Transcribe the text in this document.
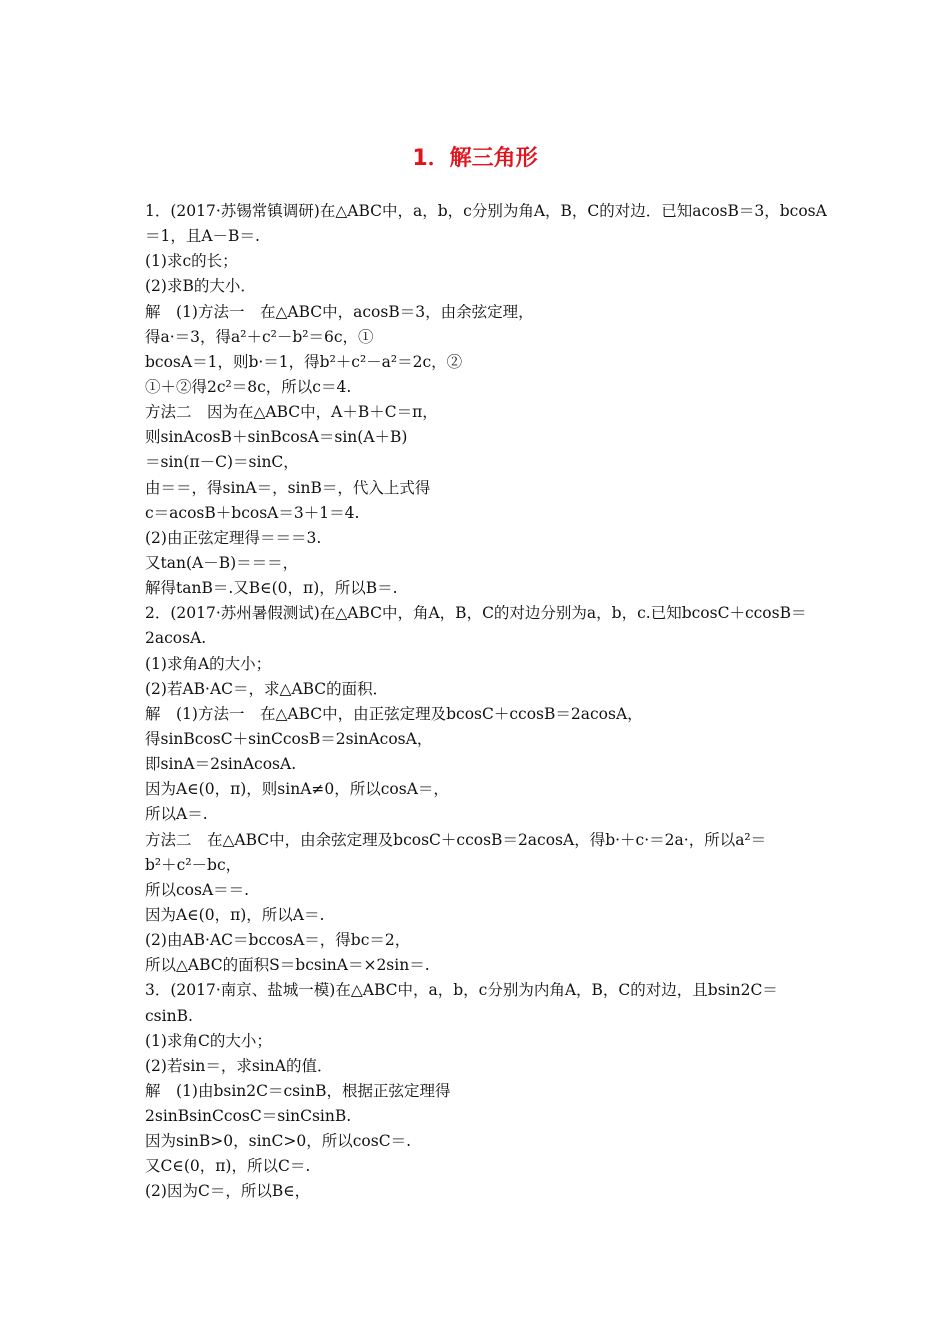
1．解三角形
1．(2017·苏锡常镇调研)在△ABC中，a，b，c分别为角A，B，C的对边．已知acosB＝3，bcosA
＝1，且A－B＝.
(1)求c的长；
(2)求B的大小．
解　(1)方法一　在△ABC中，acosB＝3，由余弦定理，
得a·＝3，得a²＋c²－b²＝6c，①
bcosA＝1，则b·＝1，得b²＋c²－a²＝2c，②
①＋②得2c²＝8c，所以c＝4.
方法二　因为在△ABC中，A＋B＋C＝π，
则sinAcosB＋sinBcosA＝sin(A＋B)
＝sin(π－C)＝sinC，
由＝＝，得sinA＝，sinB＝，代入上式得
c＝acosB＋bcosA＝3＋1＝4.
(2)由正弦定理得＝＝＝3.
又tan(A－B)＝＝＝，
解得tanB＝.又B∈(0，π)，所以B＝.
2．(2017·苏州暑假测试)在△ABC中，角A，B，C的对边分别为a，b，c.已知bcosC＋ccosB＝
2acosA.
(1)求角A的大小；
(2)若AB·AC＝，求△ABC的面积．
解　(1)方法一　在△ABC中，由正弦定理及bcosC＋ccosB＝2acosA，
得sinBcosC＋sinCcosB＝2sinAcosA，
即sinA＝2sinAcosA.
因为A∈(0，π)，则sinA≠0，所以cosA＝，
所以A＝.
方法二　在△ABC中，由余弦定理及bcosC＋ccosB＝2acosA，得b·＋c·＝2a·，所以a²＝
b²＋c²－bc，
所以cosA＝＝.
因为A∈(0，π)，所以A＝.
(2)由AB·AC＝bccosA＝，得bc＝2，
所以△ABC的面积S＝bcsinA＝×2sin＝.
3．(2017·南京、盐城一模)在△ABC中，a，b，c分别为内角A，B，C的对边，且bsin2C＝
csinB.
(1)求角C的大小；
(2)若sin＝，求sinA的值．
解　(1)由bsin2C＝csinB，根据正弦定理得
2sinBsinCcosC＝sinCsinB.
因为sinB>0，sinC>0，所以cosC＝.
又C∈(0，π)，所以C＝.
(2)因为C＝，所以B∈，
